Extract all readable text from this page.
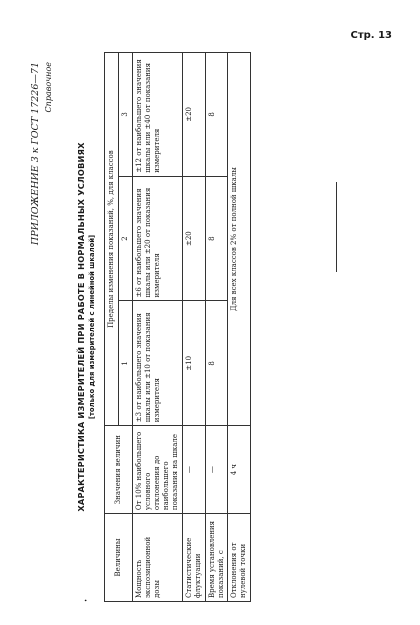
Стр. 13
ПРИЛОЖЕНИЕ 3 к ГОСТ 17226—71 Справочное
·
ХАРАКТЕРИСТИКА ИЗМЕРИТЕЛЕЙ ПРИ РАБОТЕ В НОРМАЛЬНЫХ УСЛОВИЯХ [только для измерителей с линейной шкалой]
Величины	Значения величин	Пределы изменения показаний, %, для классов		
		1	2	3
Мощность экспозиционной дозы	От 10% наибольшего условного отклонения до наибольшего показания на шкале	±3 от наибольшего значения шкалы или ±10 от показания измерителя	±6 от наибольшего значения шкалы или ±20 от показания измерителя	±12 от наибольшего значения шкалы или ±40 от показания измерителя
Статистические флуктуации	—	±10	±20	±20
Время установления показаний, с	—	8	8	8
Отклонения от нулевой точки	4 ч	Для всех классов 2% от полной шкалы		
